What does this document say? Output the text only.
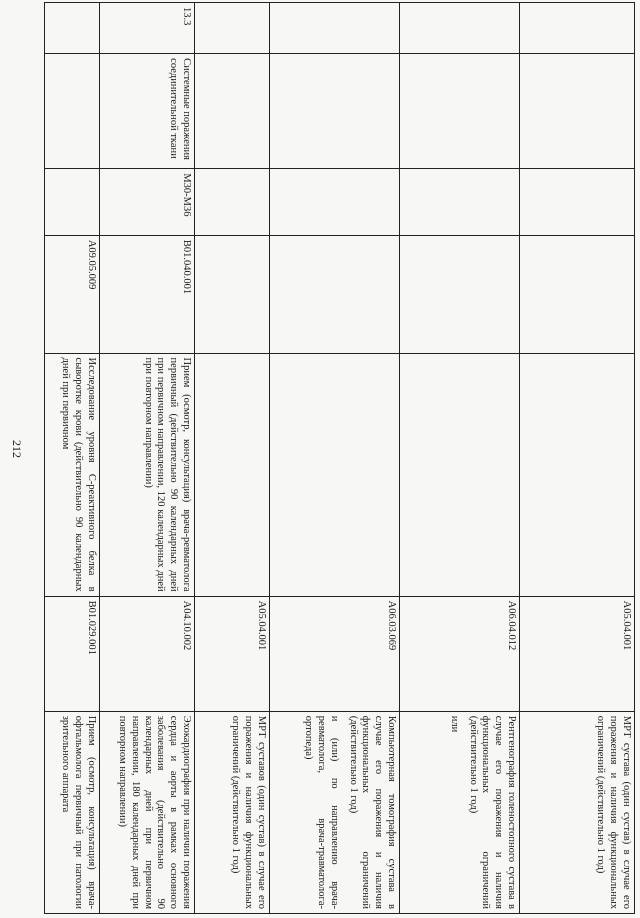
212
					A05.04.001	МРТ сустава (один сустав) в случае его поражения и наличия функциональных ограничений (действительно 1 год)
					A06.04.012	Рентгенография голеностопного сустава в случае его поражения и наличия функциональных ограничений (действительно 1 год)
или

					A06.03.069	Компьютерная томография сустава в случае его поражения и наличия функциональных ограничений (действительно 1 год)
и (или) по направлению врача-ревматолога, врача-травматолога-ортопеда)

					A05.04.001	МРТ суставов (один сустав) в случае его поражения и наличия функциональных ограничений (действительно 1 год)
13.3	Системные поражения соединительной ткани	M30-M36	B01.040.001	Прием (осмотр, консультация) врача-ревматолога первичный (действительно 90 календарных дней при первичном направлении, 120 календарных дней при повторном направлении)	A04.10.002	Эхокардиография при наличии поражения сердца и аорты в рамках основного заболевания (действительно 90 календарных дней при первичном направлении, 180 календарных дней при повторном направлении)
			A09.05.009	Исследование уровня С-реактивного белка в сыворотке крови (действительно 90 календарных дней при первичном	B01.029.001	Прием (осмотр, консультация) врача-офтальмолога первичный при патологии зрительного аппарата
